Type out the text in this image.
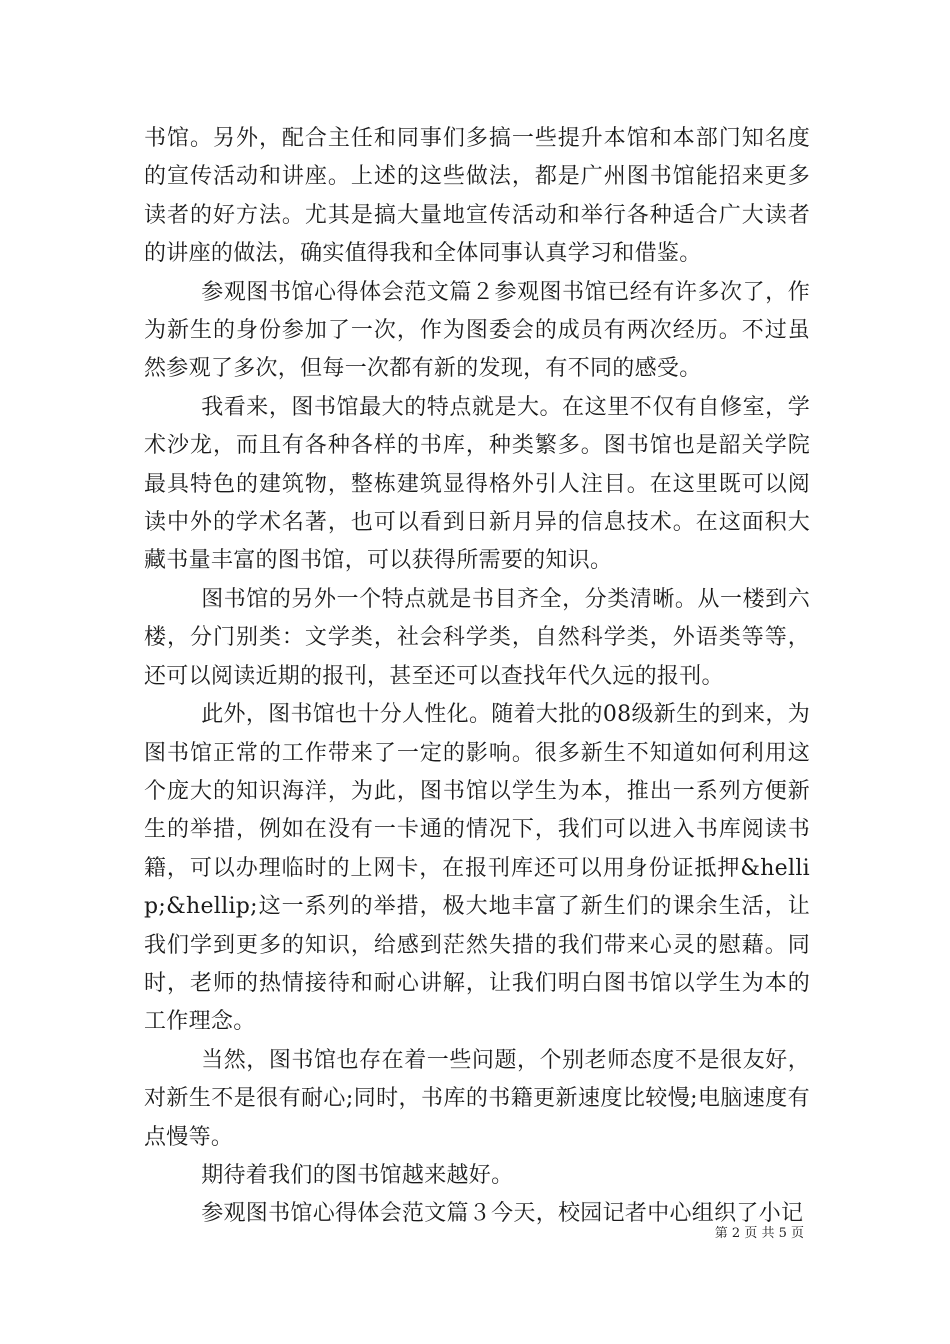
书馆。另外，配合主任和同事们多搞一些提升本馆和本部门知名度的宣传活动和讲座。上述的这些做法，都是广州图书馆能招来更多读者的好方法。尤其是搞大量地宣传活动和举行各种适合广大读者的讲座的做法，确实值得我和全体同事认真学习和借鉴。

参观图书馆心得体会范文篇２参观图书馆已经有许多次了，作为新生的身份参加了一次，作为图委会的成员有两次经历。不过虽然参观了多次，但每一次都有新的发现，有不同的感受。

我看来，图书馆最大的特点就是大。在这里不仅有自修室，学术沙龙，而且有各种各样的书库，种类繁多。图书馆也是韶关学院最具特色的建筑物，整栋建筑显得格外引人注目。在这里既可以阅读中外的学术名著，也可以看到日新月异的信息技术。在这面积大藏书量丰富的图书馆，可以获得所需要的知识。

图书馆的另外一个特点就是书目齐全，分类清晰。从一楼到六楼，分门别类：文学类，社会科学类，自然科学类，外语类等等，还可以阅读近期的报刊，甚至还可以查找年代久远的报刊。

此外，图书馆也十分人性化。随着大批的08级新生的到来，为图书馆正常的工作带来了一定的影响。很多新生不知道如何利用这个庞大的知识海洋，为此，图书馆以学生为本，推出一系列方便新生的举措，例如在没有一卡通的情况下，我们可以进入书库阅读书籍，可以办理临时的上网卡，在报刊库还可以用身份证抵押&hellip;&hellip;这一系列的举措，极大地丰富了新生们的课余生活，让我们学到更多的知识，给感到茫然失措的我们带来心灵的慰藉。同时，老师的热情接待和耐心讲解，让我们明白图书馆以学生为本的工作理念。

当然，图书馆也存在着一些问题，个别老师态度不是很友好，对新生不是很有耐心;同时，书库的书籍更新速度比较慢;电脑速度有点慢等。

期待着我们的图书馆越来越好。

参观图书馆心得体会范文篇３今天，校园记者中心组织了小记

第 2 页 共 5 页
